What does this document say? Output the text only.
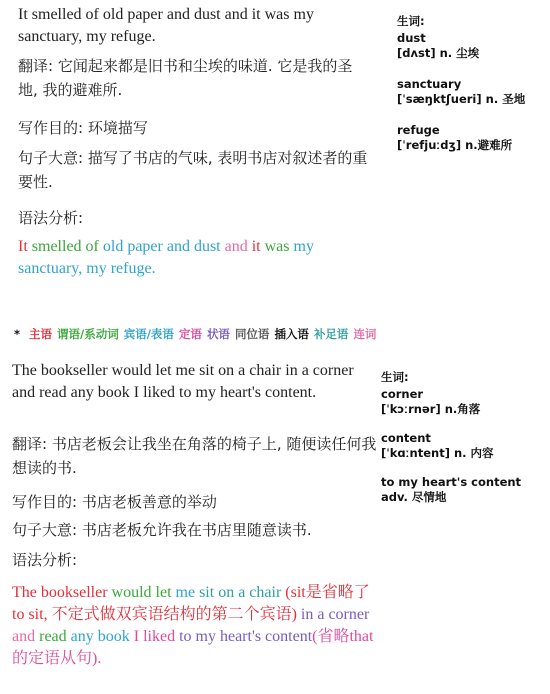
It smelled of old paper and dust and it was my sanctuary, my refuge.
翻译: 它闻起来都是旧书和尘埃的味道. 它是我的圣地, 我的避难所.
写作目的: 环境描写
句子大意: 描写了书店的气味, 表明书店对叙述者的重要性.
语法分析:
It smelled of old paper and dust and it was my sanctuary, my refuge.
生词:
dust
[dʌst] n. 尘埃
sanctuary
[ˈsæŋktʃueri] n. 圣地
refuge
[ˈrefjuːdʒ] n.避难所
* 主语 谓语/系动词 宾语/表语 定语 状语 同位语 插入语 补足语 连词
The bookseller would let me sit on a chair in a corner and read any book I liked to my heart's content.
翻译: 书店老板会让我坐在角落的椅子上, 随便读任何我想读的书.
写作目的: 书店老板善意的举动
句子大意: 书店老板允许我在书店里随意读书.
语法分析:
The bookseller would let me sit on a chair (sit是省略了to sit, 不定式做双宾语结构的第二个宾语) in a corner and read any book I liked to my heart's content(省略that的定语从句).
生词:
corner
[ˈkɔːrnər] n.角落
content
[ˈkɑːntent] n. 内容
to my heart's content
adv. 尽情地
